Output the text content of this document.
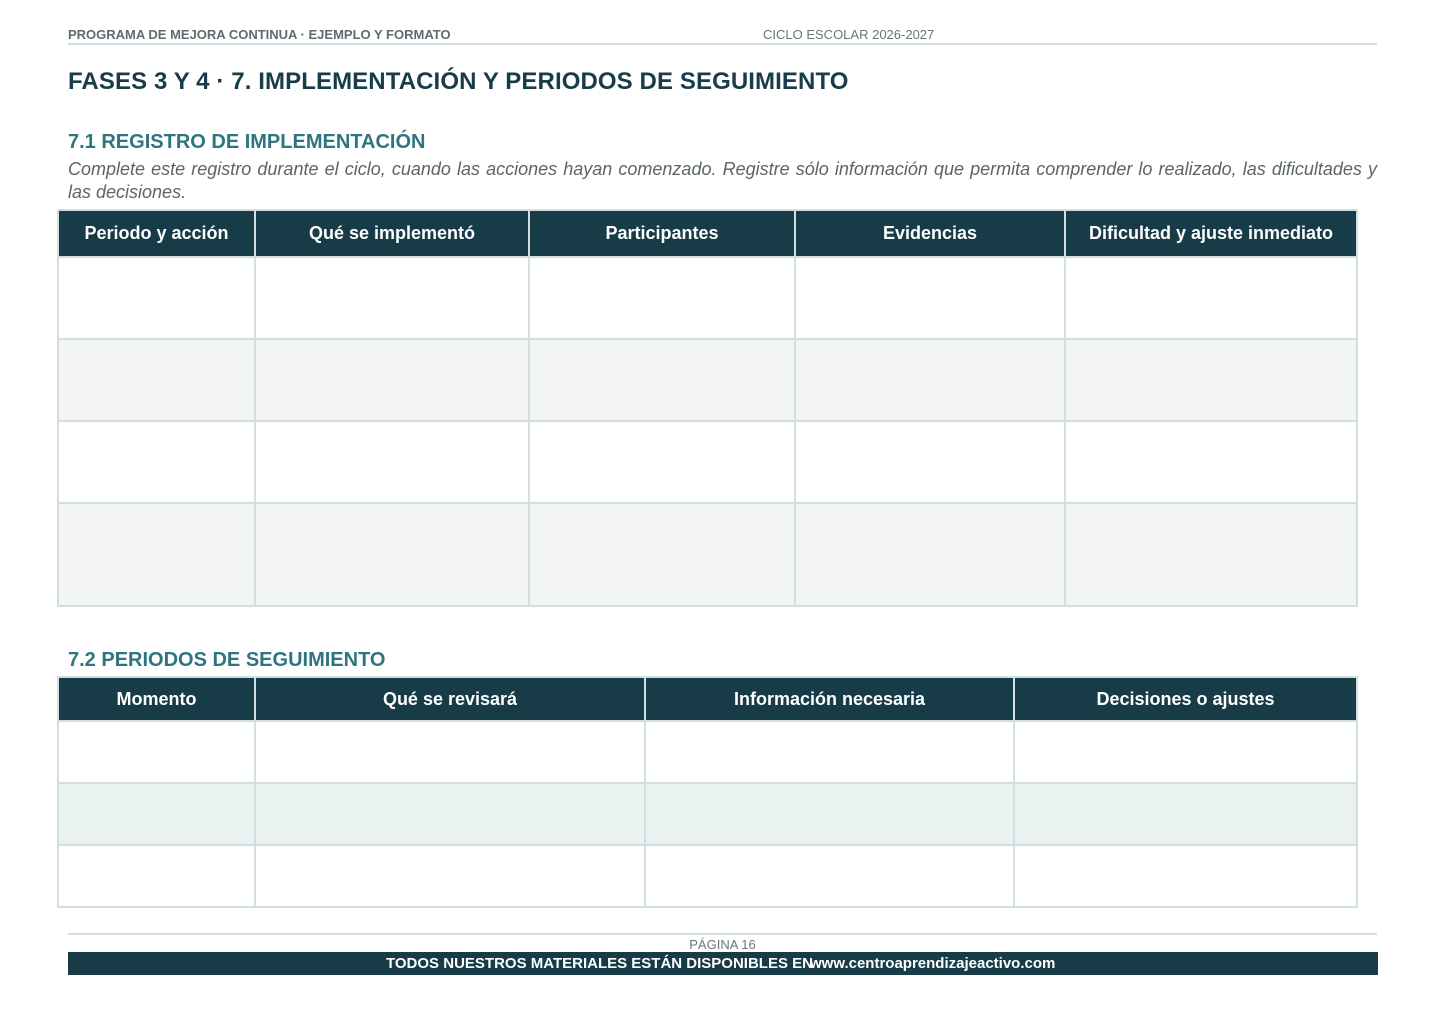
PROGRAMA DE MEJORA CONTINUA · EJEMPLO Y FORMATO	CICLO ESCOLAR 2026-2027
FASES 3 Y 4 · 7. IMPLEMENTACIÓN Y PERIODOS DE SEGUIMIENTO
7.1 REGISTRO DE IMPLEMENTACIÓN

Complete este registro durante el ciclo, cuando las acciones hayan comenzado. Registre sólo información que permita comprender lo realizado, las dificultades y las decisiones.

Periodo y acción	Qué se implementó	Participantes	Evidencias	Dificultad y ajuste inmediato

7.2 PERIODOS DE SEGUIMIENTO
Momento	Qué se revisará	Información necesaria	Decisiones o ajustes

PÁGINA 16
TODOS NUESTROS MATERIALES ESTÁN DISPONIBLES EN
www.centroaprendizajeactivo.com
